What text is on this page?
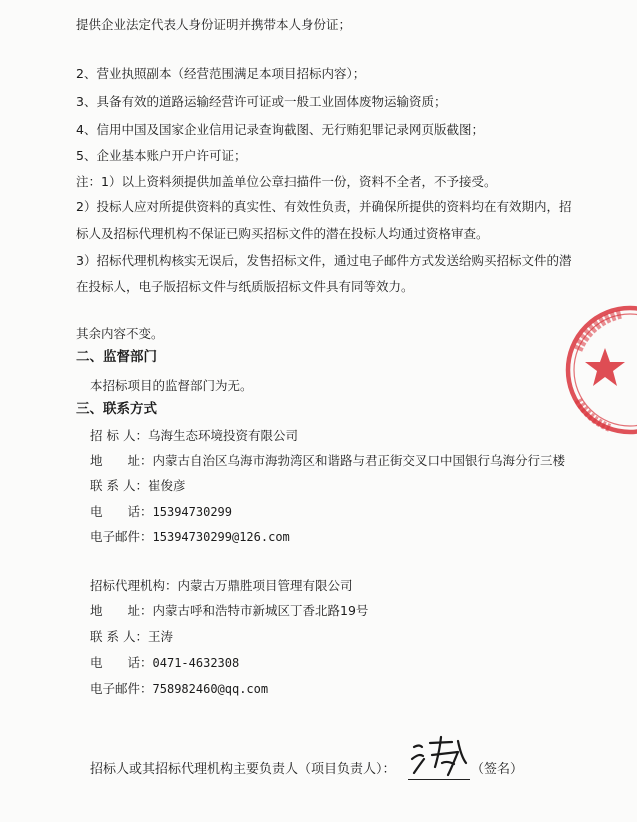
提供企业法定代表人身份证明并携带本人身份证；
2、营业执照副本（经营范围满足本项目招标内容）；
3、具备有效的道路运输经营许可证或一般工业固体废物运输资质；
4、信用中国及国家企业信用记录查询截图、无行贿犯罪记录网页版截图；
5、企业基本账户开户许可证；
注：1）以上资料须提供加盖单位公章扫描件一份，资料不全者，不予接受。
2）投标人应对所提供资料的真实性、有效性负责，并确保所提供的资料均在有效期内，招
标人及招标代理机构不保证已购买招标文件的潜在投标人均通过资格审查。
3）招标代理机构核实无误后，发售招标文件，通过电子邮件方式发送给购买招标文件的潜
在投标人，电子版招标文件与纸质版招标文件具有同等效力。
其余内容不变。
二、监督部门
本招标项目的监督部门为无。
三、联系方式
招 标 人：乌海生态环境投资有限公司
地　　址：内蒙古自治区乌海市海勃湾区和谐路与君正街交叉口中国银行乌海分行三楼
联 系 人：崔俊彦
电　　话：15394730299
电子邮件：15394730299@126.com
招标代理机构：内蒙古万鼎胜项目管理有限公司
地　　址：内蒙古呼和浩特市新城区丁香北路19号
联 系 人：王涛
电　　话：0471-4632308
电子邮件：758982460@qq.com
招标人或其招标代理机构主要负责人（项目负责人）：	（签名）
